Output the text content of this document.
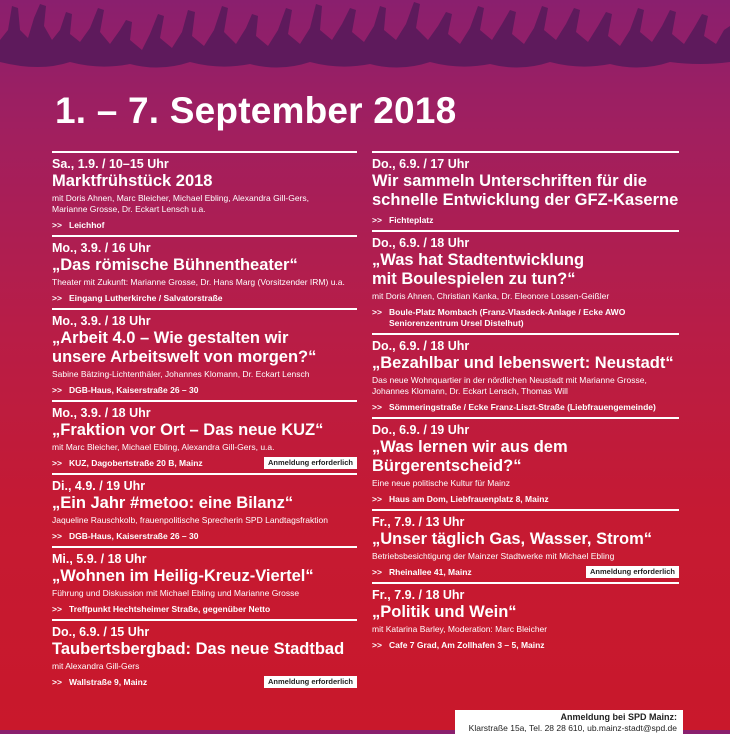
1. – 7. September 2018
Sa., 1.9. / 10–15 Uhr
Marktfrühstück 2018
mit Doris Ahnen, Marc Bleicher, Michael Ebling, Alexandra Gill-Gers,
Marianne Grosse, Dr. Eckart Lensch u.a.
>> Leichhof
Mo., 3.9. / 16 Uhr
„Das römische Bühnentheater“
Theater mit Zukunft: Marianne Grosse, Dr. Hans Marg (Vorsitzender IRM) u.a.
>> Eingang Lutherkirche / Salvatorstraße
Mo., 3.9. / 18 Uhr
„Arbeit 4.0 – Wie gestalten wir
unsere Arbeitswelt von morgen?“
Sabine Bätzing-Lichtenthäler, Johannes Klomann, Dr. Eckart Lensch
>> DGB-Haus, Kaiserstraße 26 – 30
Mo., 3.9. / 18 Uhr
„Fraktion vor Ort – Das neue KUZ“
mit Marc Bleicher, Michael Ebling, Alexandra Gill-Gers, u.a.
>> KUZ, Dagobertstraße 20 B, Mainz	Anmeldung erforderlich
Di., 4.9. / 19 Uhr
„Ein Jahr #metoo: eine Bilanz“
Jaqueline Rauschkolb, frauenpolitische Sprecherin SPD Landtagsfraktion
>> DGB-Haus, Kaiserstraße 26 – 30
Mi., 5.9. / 18 Uhr
„Wohnen im Heilig-Kreuz-Viertel“
Führung und Diskussion mit Michael Ebling und Marianne Grosse
>> Treffpunkt Hechtsheimer Straße, gegenüber Netto
Do., 6.9. / 15 Uhr
Taubertsbergbad: Das neue Stadtbad
mit Alexandra Gill-Gers
>> Wallstraße 9, Mainz	Anmeldung erforderlich
Do., 6.9. / 17 Uhr
Wir sammeln Unterschriften für die
schnelle Entwicklung der GFZ-Kaserne
>> Fichteplatz
Do., 6.9. / 18 Uhr
„Was hat Stadtentwicklung
mit Boulespielen zu tun?“
mit Doris Ahnen, Christian Kanka, Dr. Eleonore Lossen-Geißler
>> Boule-Platz Mombach (Franz-Vlasdeck-Anlage / Ecke AWO
Seniorenzentrum Ursel Distelhut)
Do., 6.9. / 18 Uhr
„Bezahlbar und lebenswert: Neustadt“
Das neue Wohnquartier in der nördlichen Neustadt mit Marianne Grosse,
Johannes Klomann, Dr. Eckart Lensch, Thomas Will
>> Sömmeringstraße / Ecke Franz-Liszt-Straße (Liebfrauengemeinde)
Do., 6.9. / 19 Uhr
„Was lernen wir aus dem
Bürgerentscheid?“
Eine neue politische Kultur für Mainz
>> Haus am Dom, Liebfrauenplatz 8, Mainz
Fr., 7.9. / 13 Uhr
„Unser täglich Gas, Wasser, Strom“
Betriebsbesichtigung der Mainzer Stadtwerke mit Michael Ebling
>> Rheinallee 41, Mainz	Anmeldung erforderlich
Fr., 7.9. / 18 Uhr
„Politik und Wein“
mit Katarina Barley, Moderation: Marc Bleicher
>> Cafe 7 Grad, Am Zollhafen 3 – 5, Mainz
Anmeldung bei SPD Mainz:
Klarstraße 15a, Tel. 28 28 610, ub.mainz-stadt@spd.de
